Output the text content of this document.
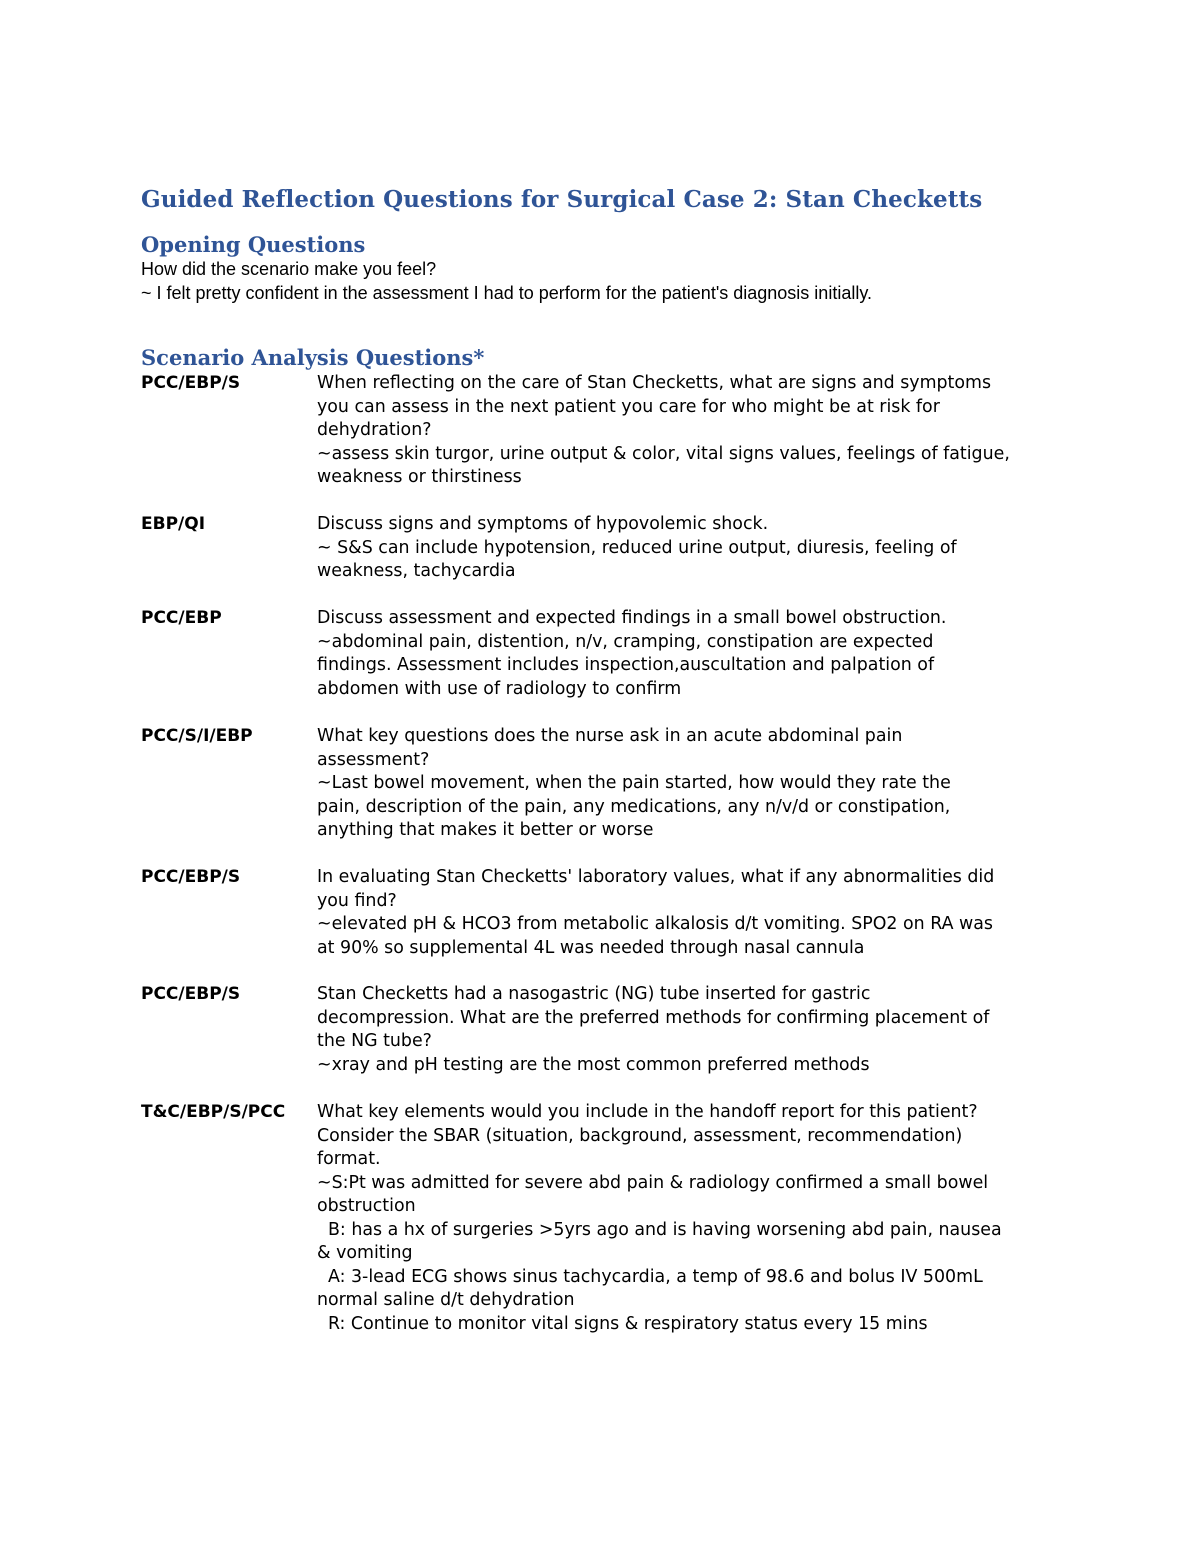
Guided Reflection Questions for Surgical Case 2: Stan Checketts
Opening Questions
How did the scenario make you feel?
~ I felt pretty confident in the assessment I had to perform for the patient's diagnosis initially.
Scenario Analysis Questions*
PCC/EBP/S	When reflecting on the care of Stan Checketts, what are signs and symptoms
you can assess in the next patient you care for who might be at risk for
dehydration?
~assess skin turgor, urine output & color, vital signs values, feelings of fatigue,
weakness or thirstiness
EBP/QI	Discuss signs and symptoms of hypovolemic shock.
~ S&S can include hypotension, reduced urine output, diuresis, feeling of
weakness, tachycardia
PCC/EBP	Discuss assessment and expected findings in a small bowel obstruction.
~abdominal pain, distention, n/v, cramping, constipation are expected
findings. Assessment includes inspection,auscultation and palpation of
abdomen with use of radiology to confirm
PCC/S/I/EBP	What key questions does the nurse ask in an acute abdominal pain
assessment?
~Last bowel movement, when the pain started, how would they rate the
pain, description of the pain, any medications, any n/v/d or constipation,
anything that makes it better or worse
PCC/EBP/S	In evaluating Stan Checketts' laboratory values, what if any abnormalities did
you find?
~elevated pH & HCO3 from metabolic alkalosis d/t vomiting. SPO2 on RA was
at 90% so supplemental 4L was needed through nasal cannula
PCC/EBP/S	Stan Checketts had a nasogastric (NG) tube inserted for gastric
decompression. What are the preferred methods for confirming placement of
the NG tube?
~xray and pH testing are the most common preferred methods
T&C/EBP/S/PCC What key elements would you include in the handoff report for this patient?
Consider the SBAR (situation, background, assessment, recommendation)
format.
~S:Pt was admitted for severe abd pain & radiology confirmed a small bowel
obstruction
B: has a hx of surgeries >5yrs ago and is having worsening abd pain, nausea
& vomiting
A: 3-lead ECG shows sinus tachycardia, a temp of 98.6 and bolus IV 500mL
normal saline d/t dehydration
R: Continue to monitor vital signs & respiratory status every 15 mins
